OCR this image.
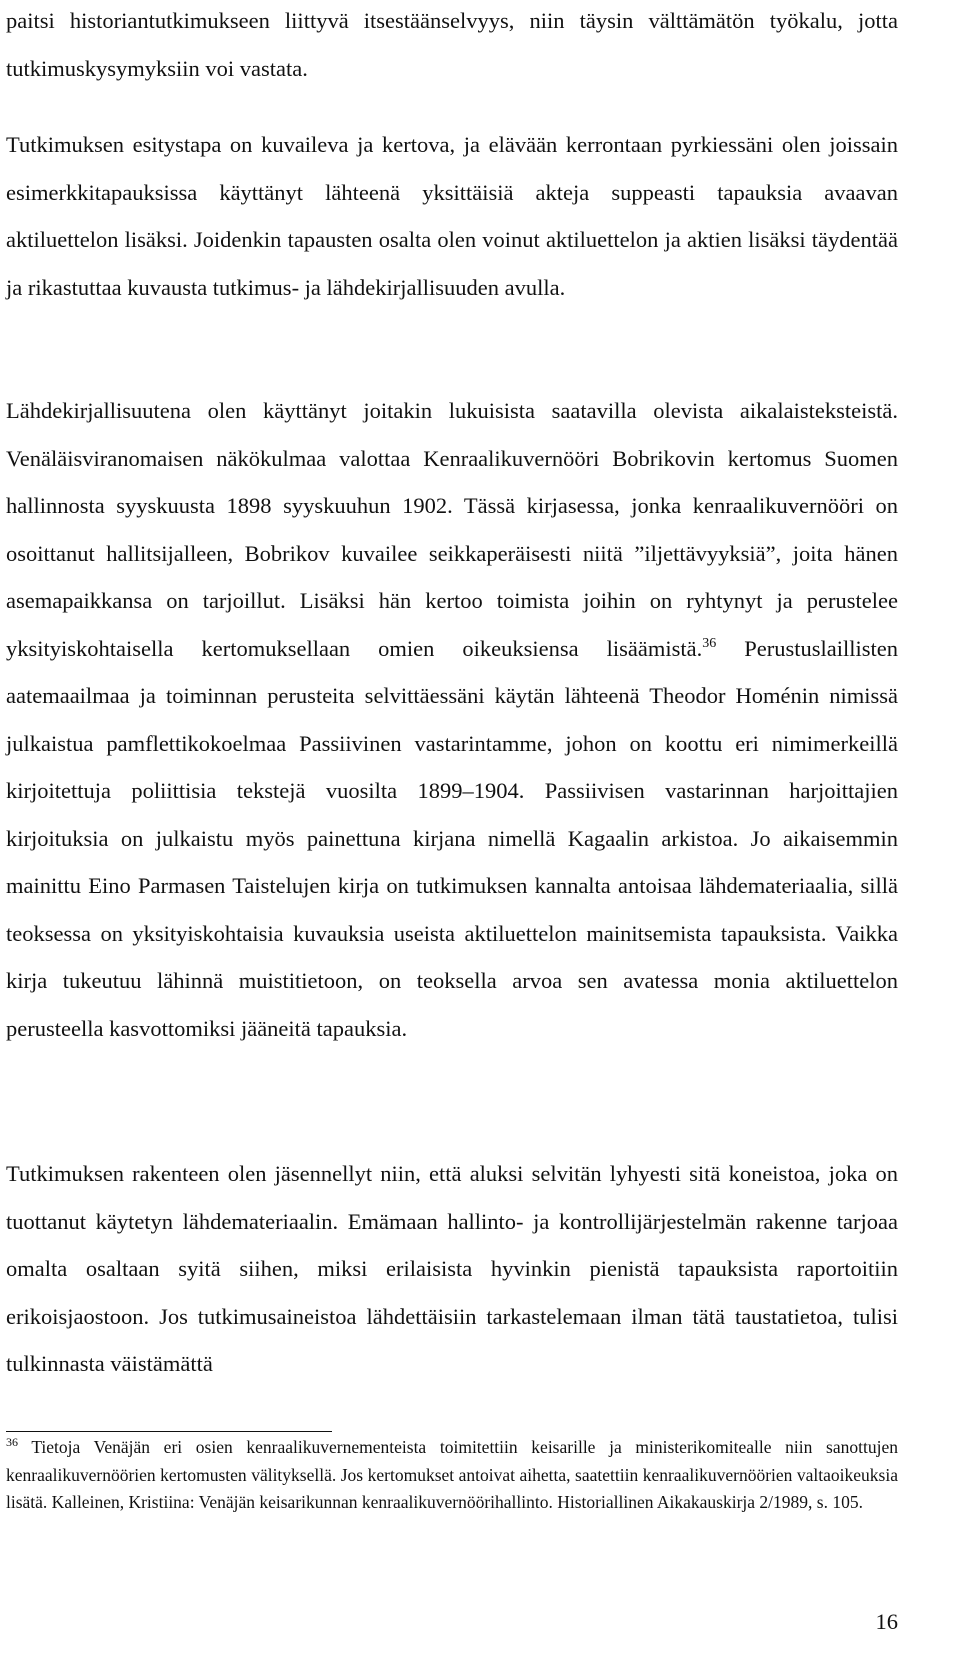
paitsi historiantutkimukseen liittyvä itsestäänselvyys, niin täysin välttämätön työkalu, jotta tutkimuskysymyksiin voi vastata.

Tutkimuksen esitystapa on kuvaileva ja kertova, ja elävään kerrontaan pyrkiessäni olen joissain esimerkkitapauksissa käyttänyt lähteenä yksittäisiä akteja suppeasti tapauksia avaavan aktiluettelon lisäksi. Joidenkin tapausten osalta olen voinut aktiluettelon ja aktien lisäksi täydentää ja rikastuttaa kuvausta tutkimus- ja lähdekirjallisuuden avulla.

Lähdekirjallisuutena olen käyttänyt joitakin lukuisista saatavilla olevista aikalaisteksteistä. Venäläisviranomaisen näkökulmaa valottaa Kenraalikuvernööri Bobrikovin kertomus Suomen hallinnosta syyskuusta 1898 syyskuuhun 1902. Tässä kirjasessa, jonka kenraalikuvernööri on osoittanut hallitsijalleen, Bobrikov kuvailee seikkaperäisesti niitä ”iljettävyyksiä”, joita hänen asemapaikkansa on tarjoillut. Lisäksi hän kertoo toimista joihin on ryhtynyt ja perustelee yksityiskohtaisella kertomuksellaan omien oikeuksiensa lisäämistä.$^{36}$ Perustuslaillisten aatemaailmaa ja toiminnan perusteita selvittäessäni käytän lähteenä Theodor Homénin nimissä julkaistua pamflettikokoelmaa Passiivinen vastarintamme, johon on koottu eri nimimerkeillä kirjoitettuja poliittisia tekstejä vuosilta 1899–1904. Passiivisen vastarinnan harjoittajien kirjoituksia on julkaistu myös painettuna kirjana nimellä Kagaalin arkistoa. Jo aikaisemmin mainittu Eino Parmasen Taistelujen kirja on tutkimuksen kannalta antoisaa lähdemateriaalia, sillä teoksessa on yksityiskohtaisia kuvauksia useista aktiluettelon mainitsemista tapauksista. Vaikka kirja tukeutuu lähinnä muistitietoon, on teoksella arvoa sen avatessa monia aktiluettelon perusteella kasvottomiksi jääneitä tapauksia.

Tutkimuksen rakenteen olen jäsennellyt niin, että aluksi selvitän lyhyesti sitä koneistoa, joka on tuottanut käytetyn lähdemateriaalin. Emämaan hallinto- ja kontrollijärjestelmän rakenne tarjoaa omalta osaltaan syitä siihen, miksi erilaisista hyvinkin pienistä tapauksista raportoitiin erikoisjaostoon. Jos tutkimusaineistoa lähdettäisiin tarkastelemaan ilman tätä taustatietoa, tulisi tulkinnasta väistämättä

$^{36}$ Tietoja Venäjän eri osien kenraalikuvernementeista toimitettiin keisarille ja ministerikomitealle niin sanottujen kenraalikuvernöörien kertomusten välityksellä. Jos kertomukset antoivat aihetta, saatettiin kenraalikuvernöörien valtaoikeuksia lisätä. Kalleinen, Kristiina: Venäjän keisarikunnan kenraalikuvernöörihallinto. Historiallinen Aikakauskirja 2/1989, s. 105.

16
